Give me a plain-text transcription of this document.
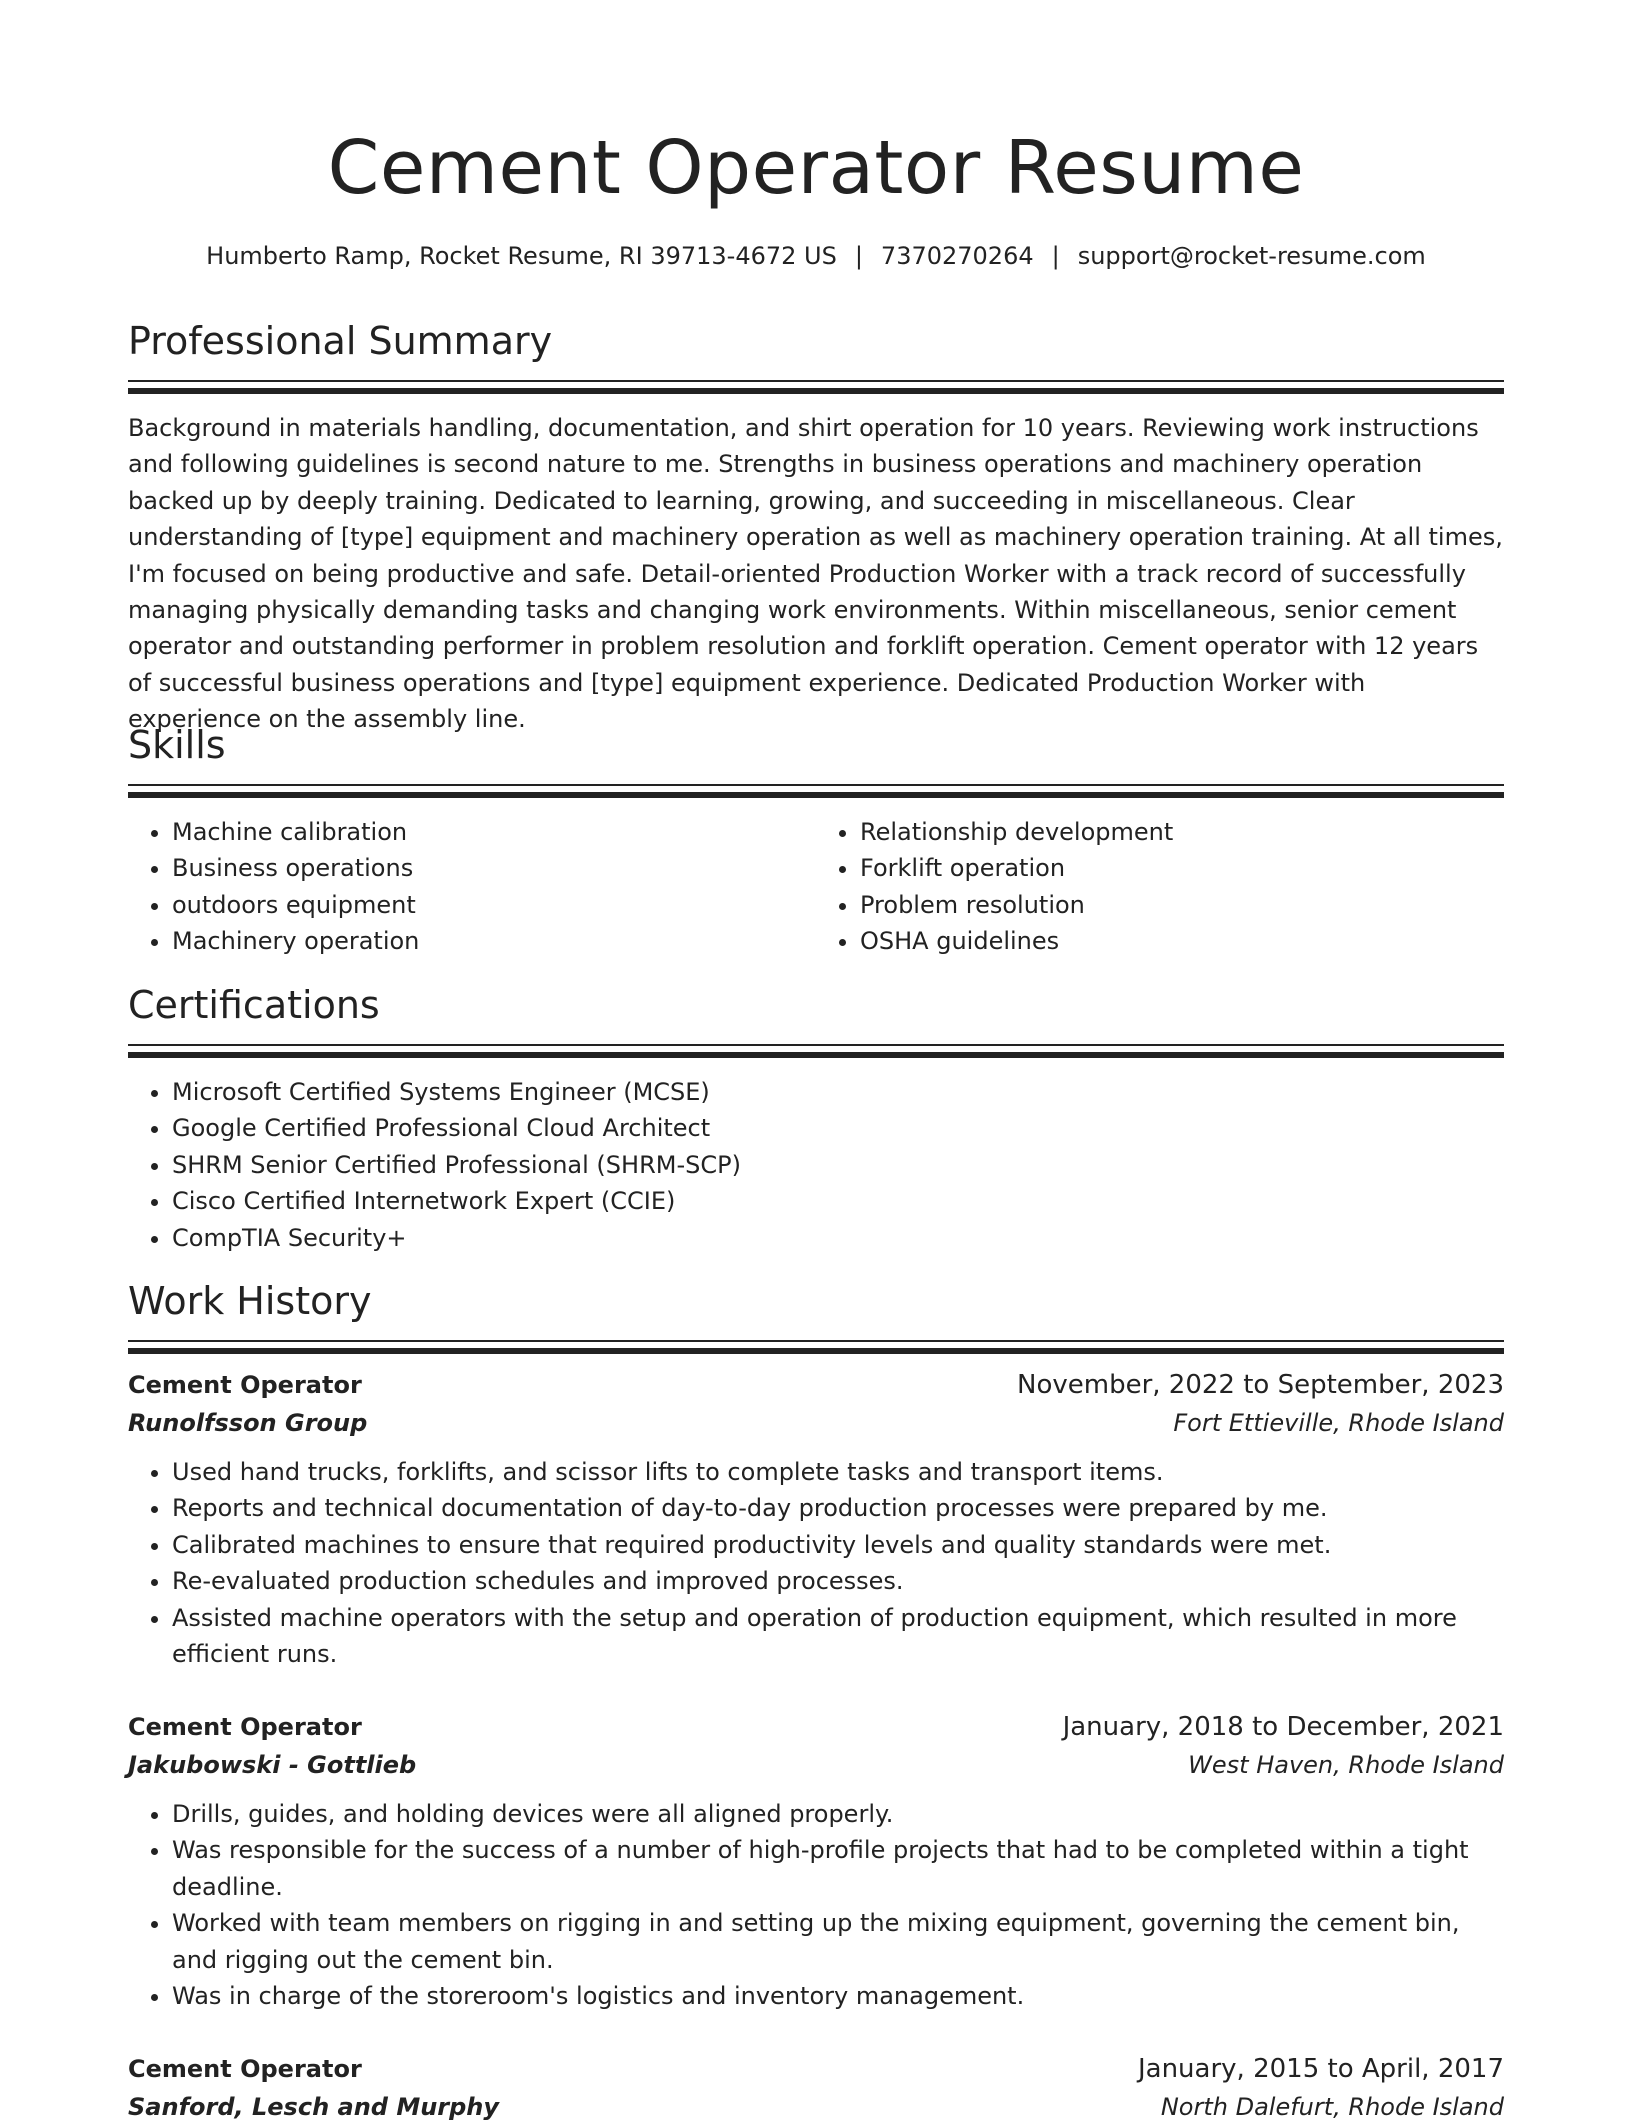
Cement Operator Resume
Humberto Ramp, Rocket Resume, RI 39713-4672 US | 7370270264 | support@rocket-resume.com
Professional Summary

Background in materials handling, documentation, and shirt operation for 10 years. Reviewing work instructions and following guidelines is second nature to me. Strengths in business operations and machinery operation backed up by deeply training. Dedicated to learning, growing, and succeeding in miscellaneous. Clear understanding of [type] equipment and machinery operation as well as machinery operation training. At all times, I'm focused on being productive and safe. Detail-oriented Production Worker with a track record of successfully managing physically demanding tasks and changing work environments. Within miscellaneous, senior cement operator and outstanding performer in problem resolution and forklift operation. Cement operator with 12 years of successful business operations and [type] equipment experience. Dedicated Production Worker with experience on the assembly line.

Skills
• Machine calibration
• Business operations
• outdoors equipment
• Machinery operation
• Relationship development
• Forklift operation
• Problem resolution
• OSHA guidelines
Certifications
• Microsoft Certified Systems Engineer (MCSE)
• Google Certified Professional Cloud Architect
• SHRM Senior Certified Professional (SHRM-SCP)
• Cisco Certified Internetwork Expert (CCIE)
• CompTIA Security+
Work History
Cement Operator	November, 2022 to September, 2023
Runolfsson Group	Fort Ettieville, Rhode Island
• Used hand trucks, forklifts, and scissor lifts to complete tasks and transport items.
• Reports and technical documentation of day-to-day production processes were prepared by me.
• Calibrated machines to ensure that required productivity levels and quality standards were met.
• Re-evaluated production schedules and improved processes.
• Assisted machine operators with the setup and operation of production equipment, which resulted in more efficient runs.
Cement Operator	January, 2018 to December, 2021
Jakubowski - Gottlieb	West Haven, Rhode Island
• Drills, guides, and holding devices were all aligned properly.
• Was responsible for the success of a number of high-profile projects that had to be completed within a tight deadline.
• Worked with team members on rigging in and setting up the mixing equipment, governing the cement bin, and rigging out the cement bin.
• Was in charge of the storeroom's logistics and inventory management.
Cement Operator	January, 2015 to April, 2017
Sanford, Lesch and Murphy	North Dalefurt, Rhode Island
